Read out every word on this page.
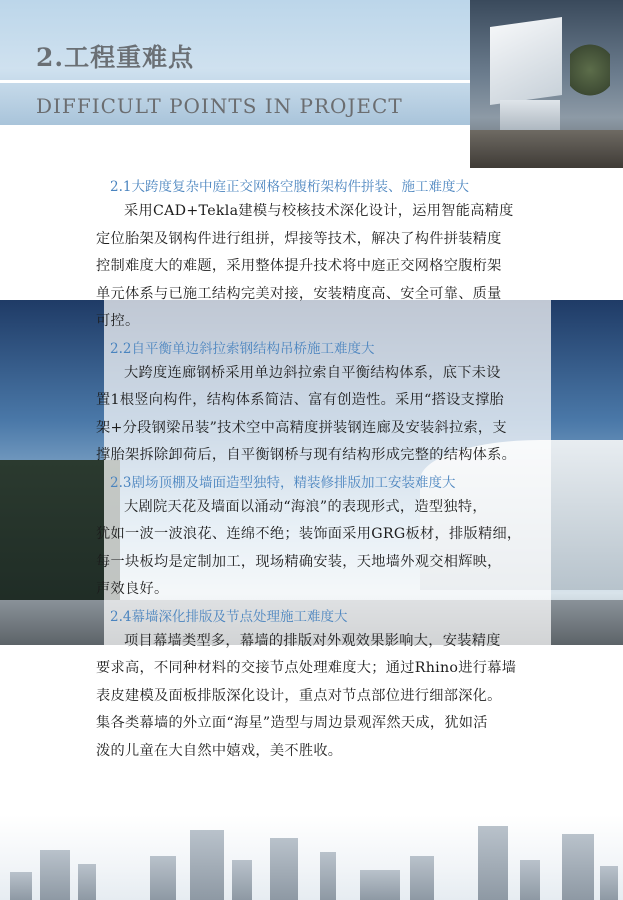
2.工程重难点
DIFFICULT POINTS IN PROJECT
2.1大跨度复杂中庭正交网格空腹桁架构件拼装、施工难度大
采用CAD+Tekla建模与校核技术深化设计，运用智能高精度
定位胎架及钢构件进行组拼，焊接等技术，解决了构件拼装精度
控制难度大的难题，采用整体提升技术将中庭正交网格空腹桁架
单元体系与已施工结构完美对接，安装精度高、安全可靠、质量
可控。
2.2自平衡单边斜拉索钢结构吊桥施工难度大
大跨度连廊钢桥采用单边斜拉索自平衡结构体系，底下未设
置1根竖向构件，结构体系简洁、富有创造性。采用“搭设支撑胎
架+分段钢梁吊装”技术空中高精度拼装钢连廊及安装斜拉索，支
撑胎架拆除卸荷后，自平衡钢桥与现有结构形成完整的结构体系。
2.3剧场顶棚及墙面造型独特，精装修排版加工安装难度大
大剧院天花及墙面以涌动“海浪”的表现形式，造型独特，
犹如一波一波浪花、连绵不绝；装饰面采用GRG板材，排版精细，
每一块板均是定制加工，现场精确安装，天地墙外观交相辉映，
声效良好。
2.4幕墙深化排版及节点处理施工难度大
项目幕墙类型多，幕墙的排版对外观效果影响大，安装精度
要求高，不同种材料的交接节点处理难度大；通过Rhino进行幕墙
表皮建模及面板排版深化设计，重点对节点部位进行细部深化。
集各类幕墙的外立面“海星”造型与周边景观浑然天成，犹如活
泼的儿童在大自然中嬉戏，美不胜收。
